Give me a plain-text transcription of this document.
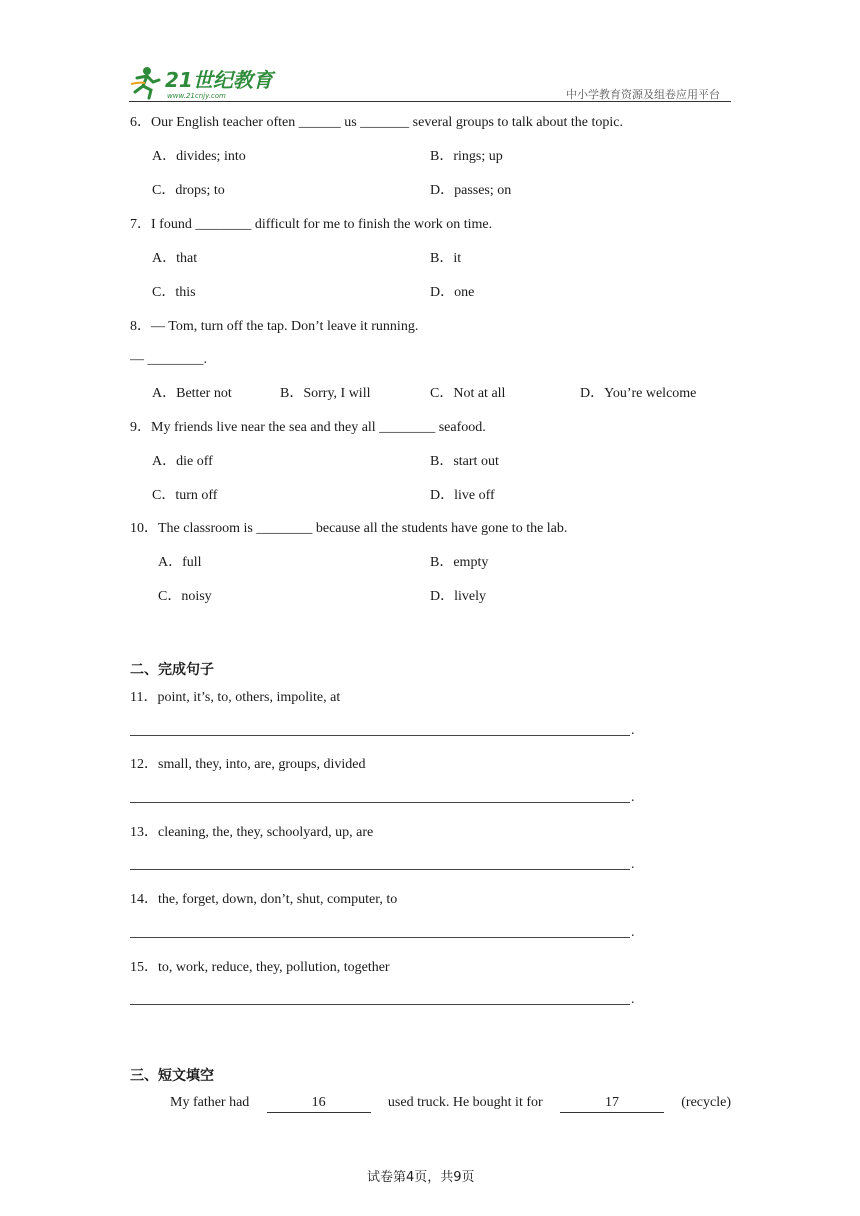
21世纪教育
www.21cnjy.com	中小学教育资源及组卷应用平台
6．Our English teacher often ______ us _______ several groups to talk about the topic.
A．divides; into	B．rings; up
C．drops; to	D．passes; on
7．I found ________ difficult for me to finish the work on time.
A．that	B．it
C．this	D．one
8．— Tom, turn off the tap. Don’t leave it running.
— ________.
A．Better not	B．Sorry, I will	C．Not at all	D．You’re welcome
9．My friends live near the sea and they all ________ seafood.
A．die off	B．start out
C．turn off	D．live off
10．The classroom is ________ because all the students have gone to the lab.
A．full	B．empty
C．noisy	D．lively
二、完成句子
11．point, it’s, to, others, impolite, at
.
12．small, they, into, are, groups, divided
.
13．cleaning, the, they, schoolyard, up, are
.
14．the, forget, down, don’t, shut, computer, to
.
15．to, work, reduce, they, pollution, together
.
三、短文填空
My father had	16	used truck. He bought it for	17	(recycle)
试卷第4页，共9页
